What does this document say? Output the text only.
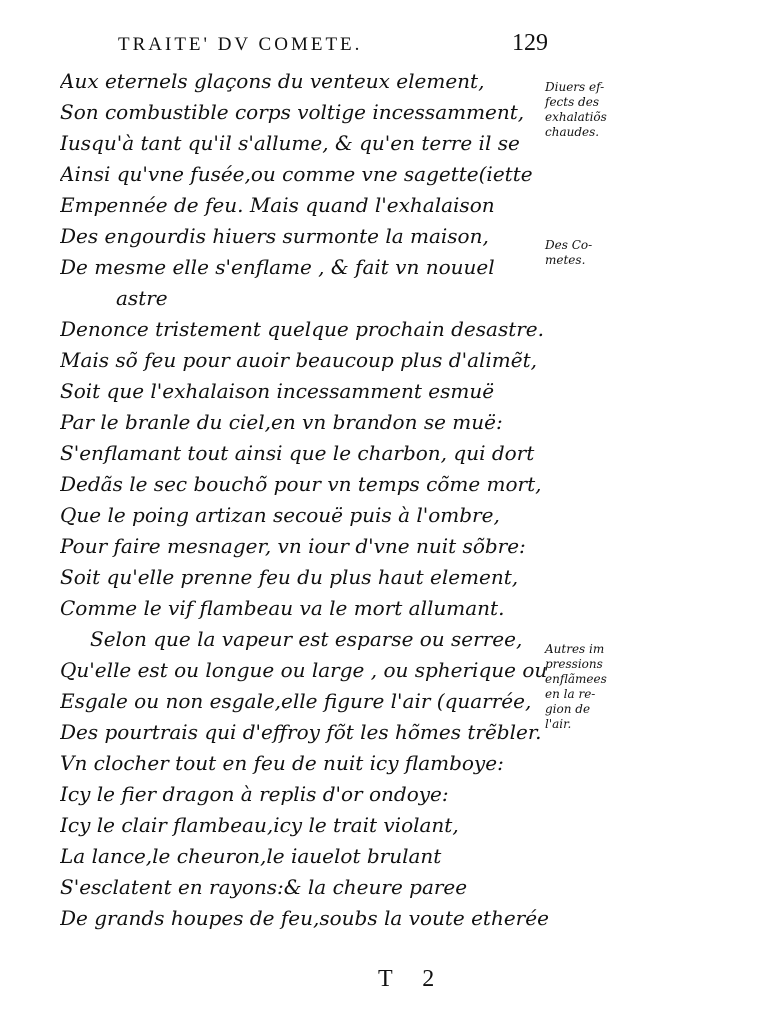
TRAITE' DV COMETE.	129
Aux eternels glaçons du venteux element,
Son combustible corps voltige incessamment,
Iusqu'à tant qu'il s'allume, & qu'en terre il se
Ainsi qu'vne fusée,ou comme vne sagette(iette
Empennée de feu. Mais quand l'exhalaison
Des engourdis hiuers surmonte la maison,
De mesme elle s'enflame , & fait vn nouuel
astre
Denonce tristement quelque prochain desastre.
Mais sõ feu pour auoir beaucoup plus d'alimẽt,
Soit que l'exhalaison incessamment esmuë
Par le branle du ciel,en vn brandon se muë:
S'enflamant tout ainsi que le charbon, qui dort
Dedãs le sec bouchõ pour vn temps cõme mort,
Que le poing artizan secouë puis à l'ombre,
Pour faire mesnager, vn iour d'vne nuit sõbre:
Soit qu'elle prenne feu du plus haut element,
Comme le vif flambeau va le mort allumant.
Selon que la vapeur est esparse ou serree,
Qu'elle est ou longue ou large , ou spherique ou
Esgale ou non esgale,elle figure l'air (quarrée,
Des pourtrais qui d'effroy fõt les hõmes trẽbler.
Vn clocher tout en feu de nuit icy flamboye:
Icy le fier dragon à replis d'or ondoye:
Icy le clair flambeau,icy le trait violant,
La lance,le cheuron,le iauelot brulant
S'esclatent en rayons:& la cheure paree
De grands houpes de feu,soubs la voute etherée
Diuers ef-
fects des
exhalatiõs
chaudes.
Des Co-
metes.
Autres im
pressions
enflãmees
en la re-
gion de
l'air.
T 2
